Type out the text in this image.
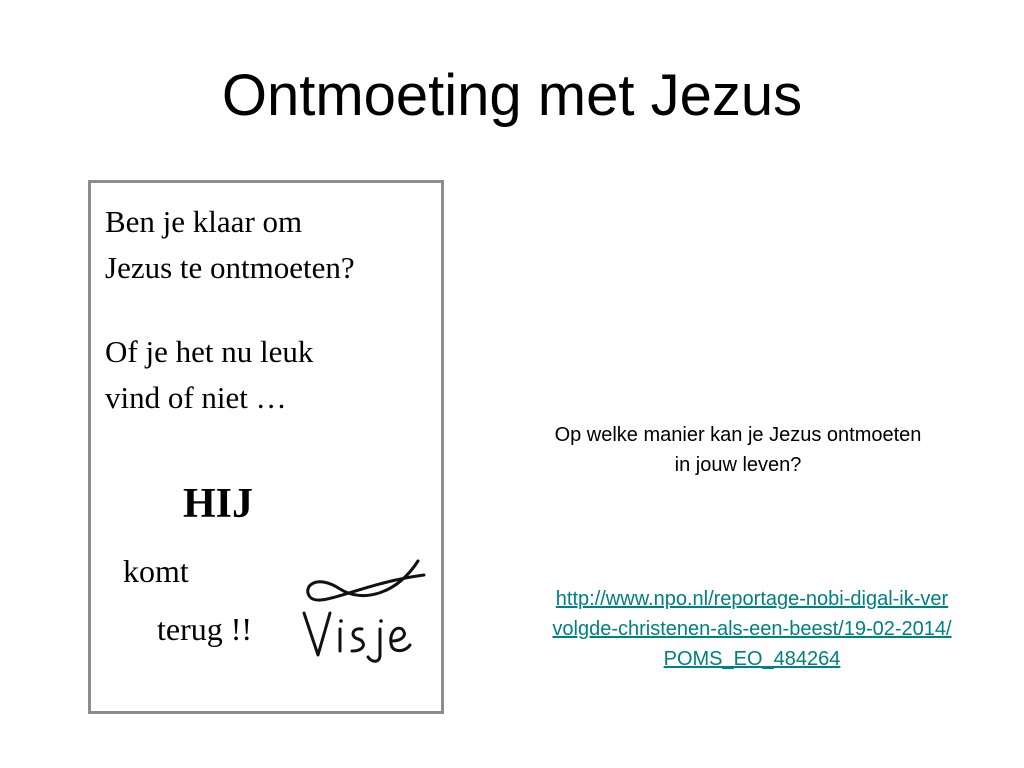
Ontmoeting met Jezus
Ben je klaar om
Jezus te ontmoeten?
Of je het nu leuk
vind of niet …
HIJ
komt
terug !!
Op welke manier kan je Jezus ontmoeten in jouw leven?
http://www.npo.nl/reportage-nobi-digal-ik-vervolgde-christenen-als-een-beest/19-02-2014/POMS_EO_484264
